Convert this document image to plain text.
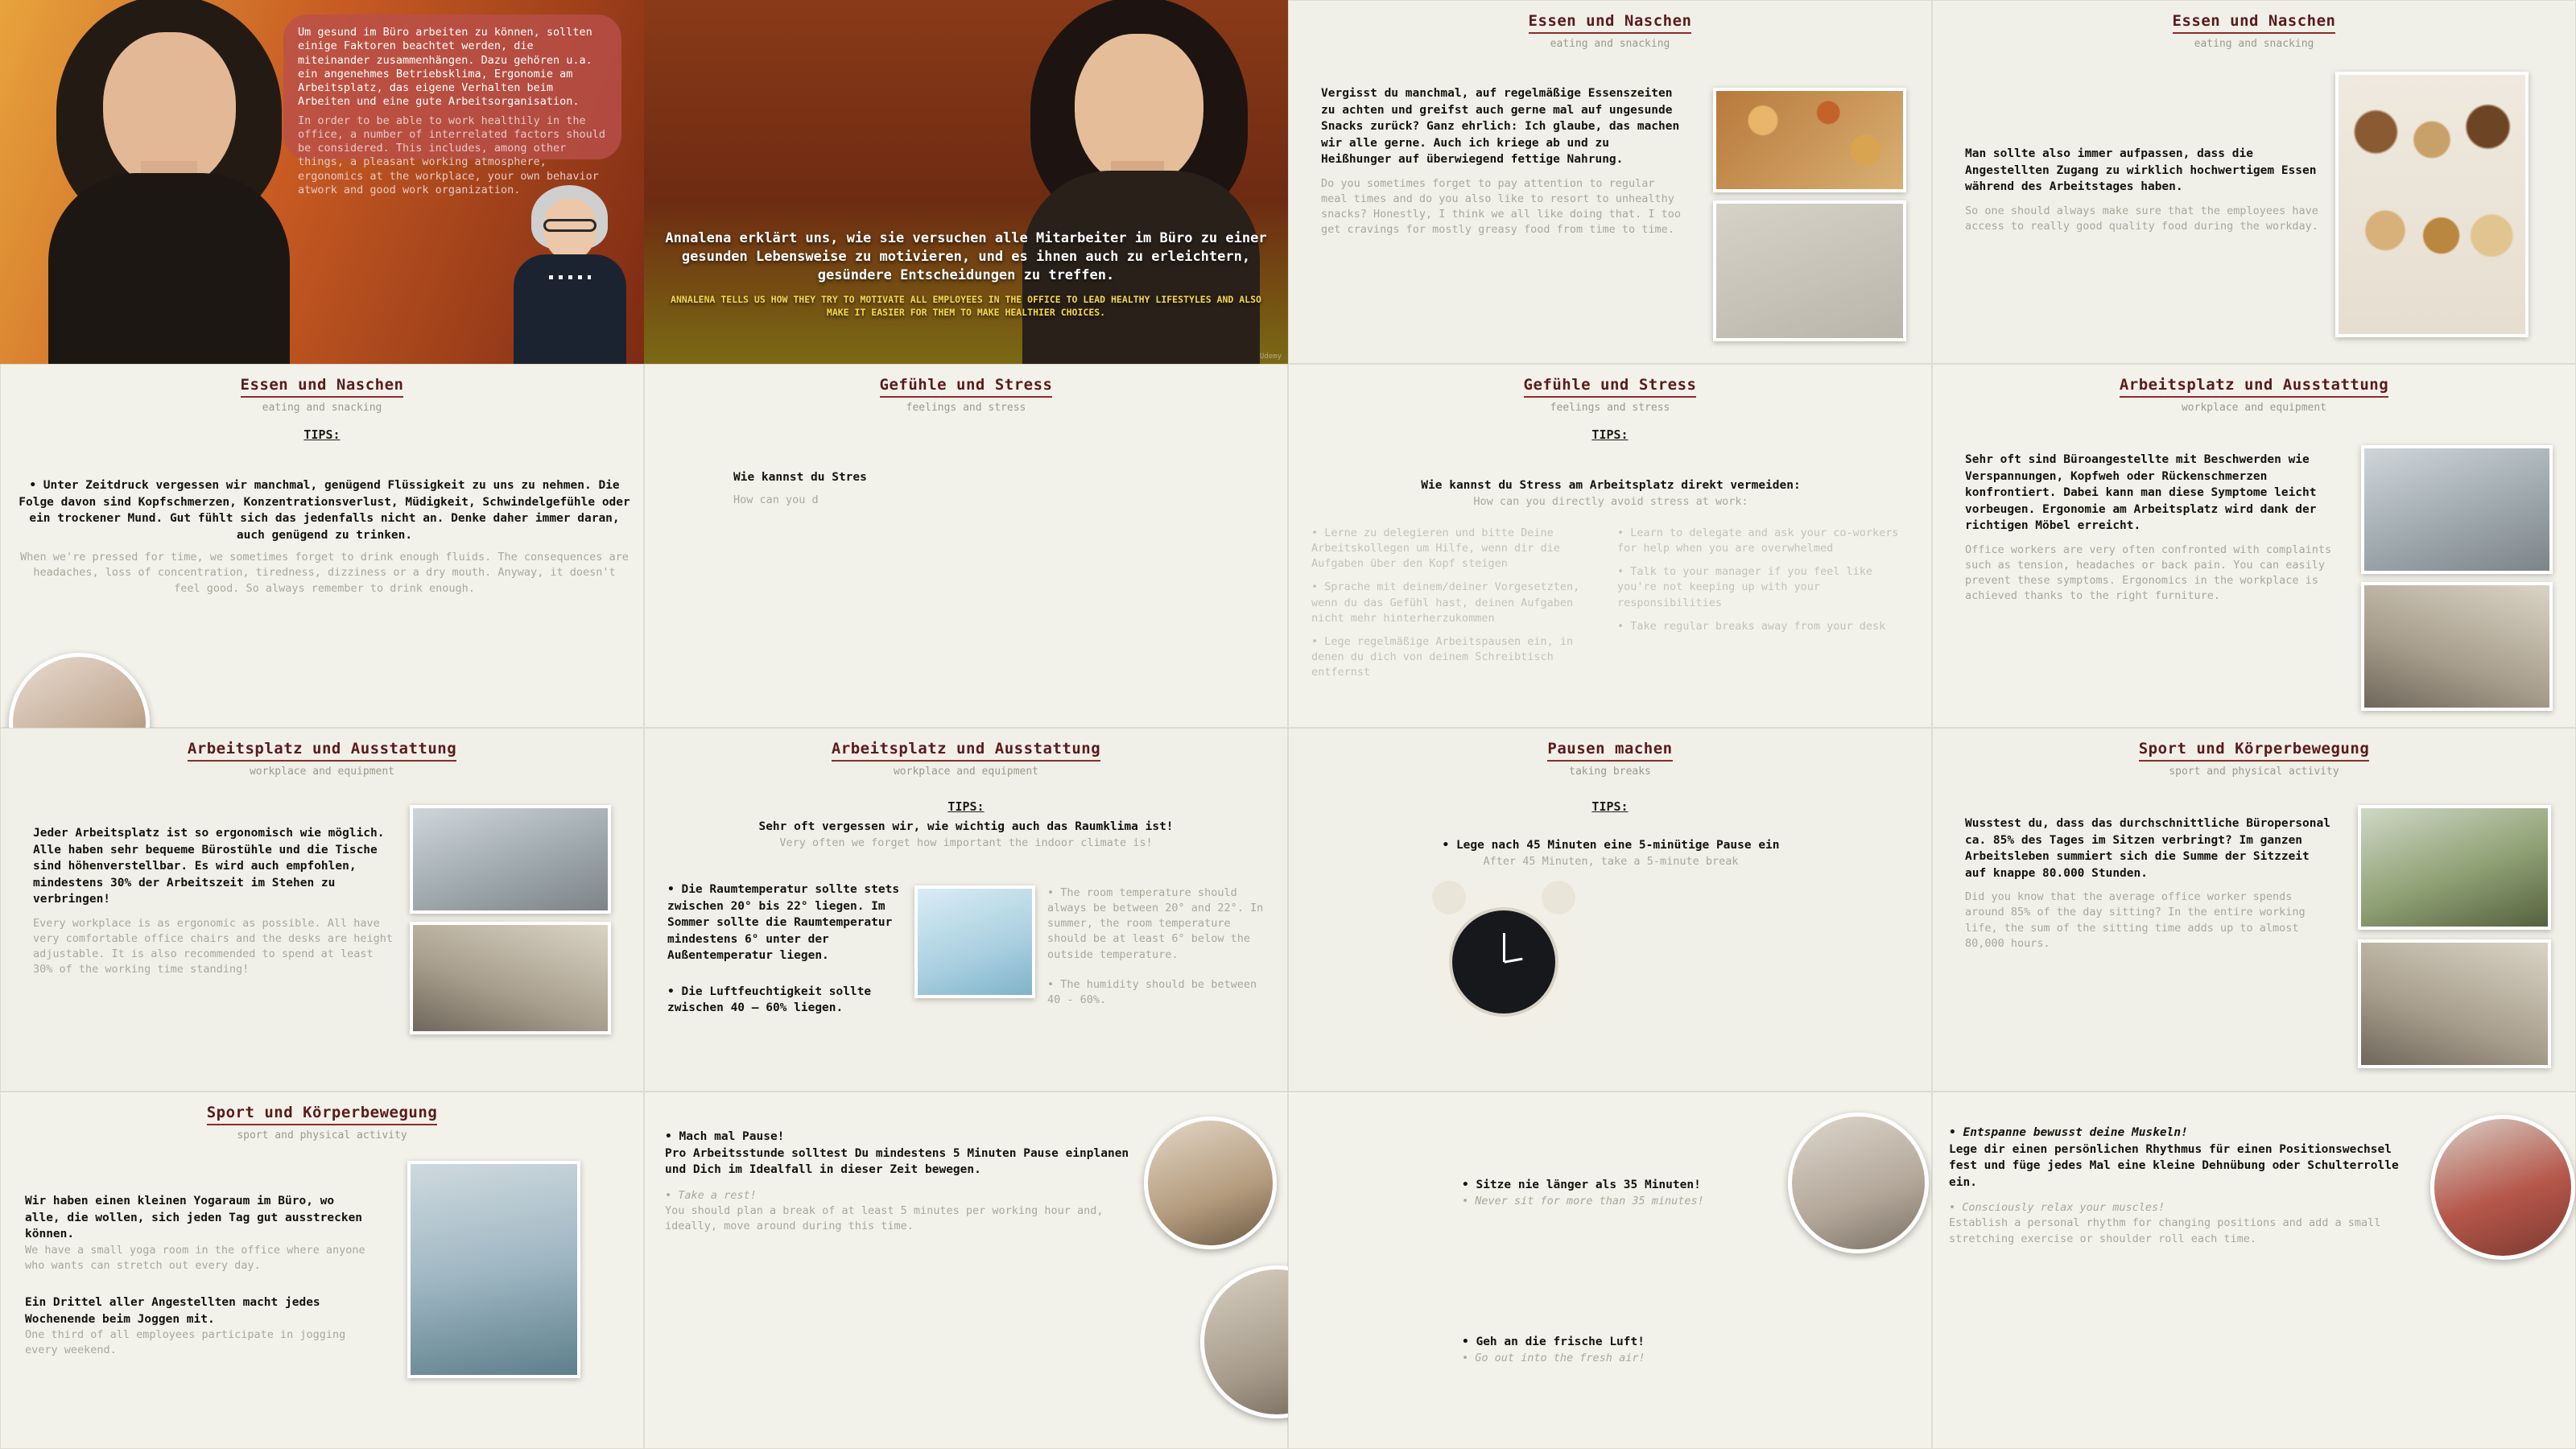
Um gesund im Büro arbeiten zu können, sollten einige Faktoren beachtet werden, die miteinander zusammenhängen. Dazu gehören u.a. ein angenehmes Betriebsklima, Ergonomie am Arbeitsplatz, das eigene Verhalten beim Arbeiten und eine gute Arbeitsorganisation.
In order to be able to work healthily in the office, a number of interrelated factors should be considered. This includes, among other things, a pleasant working atmosphere, ergonomics at the workplace, your own behavior atwork and good work organization.
Annalena erklärt uns, wie sie versuchen alle Mitarbeiter im Büro zu einer gesunden Lebensweise zu motivieren, und es ihnen auch zu erleichtern, gesündere Entscheidungen zu treffen.
ANNALENA TELLS US HOW THEY TRY TO MOTIVATE ALL EMPLOYEES IN THE OFFICE TO LEAD HEALTHY LIFESTYLES AND ALSO MAKE IT EASIER FOR THEM TO MAKE HEALTHIER CHOICES.
Udemy
Essen und Naschen
eating and snacking
Vergisst du manchmal, auf regelmäßige Essenszeiten zu achten und greifst auch gerne mal auf ungesunde Snacks zurück? Ganz ehrlich: Ich glaube, das machen wir alle gerne. Auch ich kriege ab und zu Heißhunger auf überwiegend fettige Nahrung.
Do you sometimes forget to pay attention to regular meal times and do you also like to resort to unhealthy snacks? Honestly, I think we all like doing that. I too get cravings for mostly greasy food from time to time.
Essen und Naschen
eating and snacking
Man sollte also immer aufpassen, dass die Angestellten Zugang zu wirklich hochwertigem Essen während des Arbeitstages haben.
So one should always make sure that the employees have access to really good quality food during the workday.
Essen und Naschen
eating and snacking
TIPS:
• Unter Zeitdruck vergessen wir manchmal, genügend Flüssigkeit zu uns zu nehmen. Die Folge davon sind Kopfschmerzen, Konzentrationsverlust, Müdigkeit, Schwindelgefühle oder ein trockener Mund. Gut fühlt sich das jedenfalls nicht an. Denke daher immer daran, auch genügend zu trinken.
When we're pressed for time, we sometimes forget to drink enough fluids. The consequences are headaches, loss of concentration, tiredness, dizziness or a dry mouth. Anyway, it doesn't feel good. So always remember to drink enough.
Gefühle und Stress
feelings and stress
Wie kannst du Stres
How can you d
Gefühle und Stress
feelings and stress
TIPS:
Wie kannst du Stress am Arbeitsplatz direkt vermeiden:
How can you directly avoid stress at work:
• Lerne zu delegieren und bitte Deine Arbeitskollegen um Hilfe, wenn dir die Aufgaben über den Kopf steigen
• Sprache mit deinem/deiner Vorgesetzten, wenn du das Gefühl hast, deinen Aufgaben nicht mehr hinterherzukommen
• Lege regelmäßige Arbeitspausen ein, in denen du dich von deinem Schreibtisch entfernst
• Learn to delegate and ask your co-workers for help when you are overwhelmed
• Talk to your manager if you feel like you're not keeping up with your responsibilities
• Take regular breaks away from your desk
Arbeitsplatz und Ausstattung
workplace and equipment
Sehr oft sind Büroangestellte mit Beschwerden wie Verspannungen, Kopfweh oder Rückenschmerzen konfrontiert. Dabei kann man diese Symptome leicht vorbeugen. Ergonomie am Arbeitsplatz wird dank der richtigen Möbel erreicht.
Office workers are very often confronted with complaints such as tension, headaches or back pain. You can easily prevent these symptoms. Ergonomics in the workplace is achieved thanks to the right furniture.
Arbeitsplatz und Ausstattung
workplace and equipment
Jeder Arbeitsplatz ist so ergonomisch wie möglich. Alle haben sehr bequeme Bürostühle und die Tische sind höhenverstellbar. Es wird auch empfohlen, mindestens 30% der Arbeitszeit im Stehen zu verbringen!
Every workplace is as ergonomic as possible. All have very comfortable office chairs and the desks are height adjustable. It is also recommended to spend at least 30% of the working time standing!
Arbeitsplatz und Ausstattung
workplace and equipment
TIPS:
Sehr oft vergessen wir, wie wichtig auch das Raumklima ist!
Very often we forget how important the indoor climate is!
• Die Raumtemperatur sollte stets zwischen 20° bis 22° liegen. Im Sommer sollte die Raumtemperatur mindestens 6° unter der Außentemperatur liegen.
• Die Luftfeuchtigkeit sollte zwischen 40 – 60% liegen.
• The room temperature should always be between 20° and 22°. In summer, the room temperature should be at least 6° below the outside temperature.
• The humidity should be between 40 - 60%.
Pausen machen
taking breaks
TIPS:
• Lege nach 45 Minuten eine 5-minütige Pause ein
After 45 Minuten, take a 5-minute break
Sport und Körperbewegung
sport and physical activity
Wusstest du, dass das durchschnittliche Büropersonal ca. 85% des Tages im Sitzen verbringt? Im ganzen Arbeitsleben summiert sich die Summe der Sitzzeit auf knappe 80.000 Stunden.
Did you know that the average office worker spends around 85% of the day sitting? In the entire working life, the sum of the sitting time adds up to almost 80,000 hours.
Sport und Körperbewegung
sport and physical activity
Wir haben einen kleinen Yogaraum im Büro, wo alle, die wollen, sich jeden Tag gut ausstrecken können.
We have a small yoga room in the office where anyone who wants can stretch out every day.
Ein Drittel aller Angestellten macht jedes Wochenende beim Joggen mit.
One third of all employees participate in jogging every weekend.
• Mach mal Pause!
Pro Arbeitsstunde solltest Du mindestens 5 Minuten Pause einplanen und Dich im Idealfall in dieser Zeit bewegen.
• Take a rest!
You should plan a break of at least 5 minutes per working hour and, ideally, move around during this time.
• Sitze nie länger als 35 Minuten!
• Never sit for more than 35 minutes!
• Geh an die frische Luft!
• Go out into the fresh air!
• Entspanne bewusst deine Muskeln!
Lege dir einen persönlichen Rhythmus für einen Positionswechsel fest und füge jedes Mal eine kleine Dehnübung oder Schulterrolle ein.
• Consciously relax your muscles!
Establish a personal rhythm for changing positions and add a small stretching exercise or shoulder roll each time.
